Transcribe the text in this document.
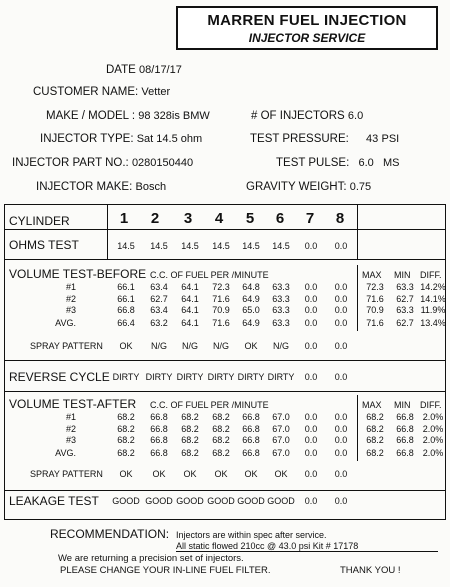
MARREN FUEL INJECTION
INJECTOR SERVICE
DATE 08/17/17
CUSTOMER NAME: Vetter
MAKE / MODEL : 98 328is BMW	# OF INJECTORS 6.0
INJECTOR TYPE: Sat 14.5 ohm	TEST PRESSURE: 43 PSI
INJECTOR PART NO.: 0280150440	TEST PULSE: 6.0 MS
INJECTOR MAKE: Bosch	GRAVITY WEIGHT: 0.75
CYLINDER	1	2	3	4	5	6	7	8
OHMS TEST	14.5	14.5	14.5	14.5	14.5	14.5	0.0	0.0
VOLUME TEST-BEFORE C.C. OF FUEL PER /MINUTE	MAX MIN DIFF.
#1	66.1	63.4	64.1	72.3	64.8	63.3	0.0	0.0	72.3	63.3 14.2%
#2	66.1	62.7	64.1	71.6	64.9	63.3	0.0	0.0	71.6	62.7 14.1%
#3	66.8	63.4	64.1	70.9	65.0	63.3	0.0	0.0	70.9	63.3 11.9%
AVG.	66.4	63.2	64.1	71.6	64.9	63.3	0.0	0.0	71.6	62.7 13.4%
SPRAY PATTERN	OK	N/G	N/G	N/G	OK	N/G	0.0	0.0
REVERSE CYCLE DIRTY DIRTY DIRTY DIRTY DIRTY DIRTY	0.0	0.0
VOLUME TEST-AFTER C.C. OF FUEL PER /MINUTE	MAX MIN DIFF.
#1	68.2	66.8	68.2	68.2	66.8	67.0	0.0	0.0	68.2	66.8 2.0%
#2	68.2	66.8	68.2	68.2	66.8	67.0	0.0	0.0	68.2	66.8 2.0%
#3	68.2	66.8	68.2	68.2	66.8	67.0	0.0	0.0	68.2	66.8 2.0%
AVG.	68.2	66.8	68.2	68.2	66.8	67.0	0.0	0.0	68.2	66.8 2.0%
SPRAY PATTERN	OK	OK	OK	OK	OK	OK	0.0	0.0
LEAKAGE TEST GOOD GOOD GOOD GOOD GOOD GOOD	0.0	0.0
RECOMMENDATION: Injectors are within spec after service.
All static flowed 210cc @ 43.0 psi Kit # 17178
We are returning a precision set of injectors.
PLEASE CHANGE YOUR IN-LINE FUEL FILTER.	THANK YOU !
